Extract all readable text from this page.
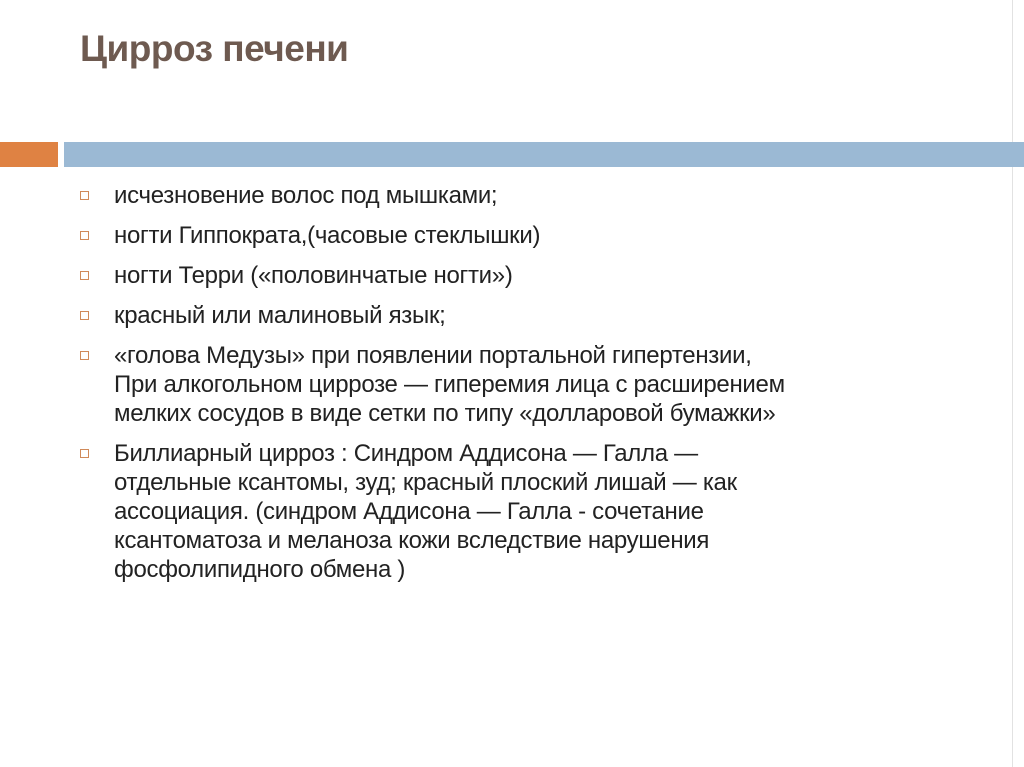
Цирроз печени
исчезновение волос под мышками;
ногти Гиппократа,(часовые стеклышки)
ногти Терри («половинчатые ногти»)
красный или малиновый язык;
«голова Медузы» при появлении портальной гипертензии,
При алкогольном циррозе — гиперемия лица с расширением
мелких сосудов в виде сетки по типу «долларовой бумажки»
Биллиарный цирроз : Синдром Аддисона — Галла —
отдельные ксантомы, зуд; красный плоский лишай — как
ассоциация. (синдром Аддисона — Галла - сочетание
ксантоматоза и меланоза кожи вследствие нарушения
фосфолипидного обмена )
